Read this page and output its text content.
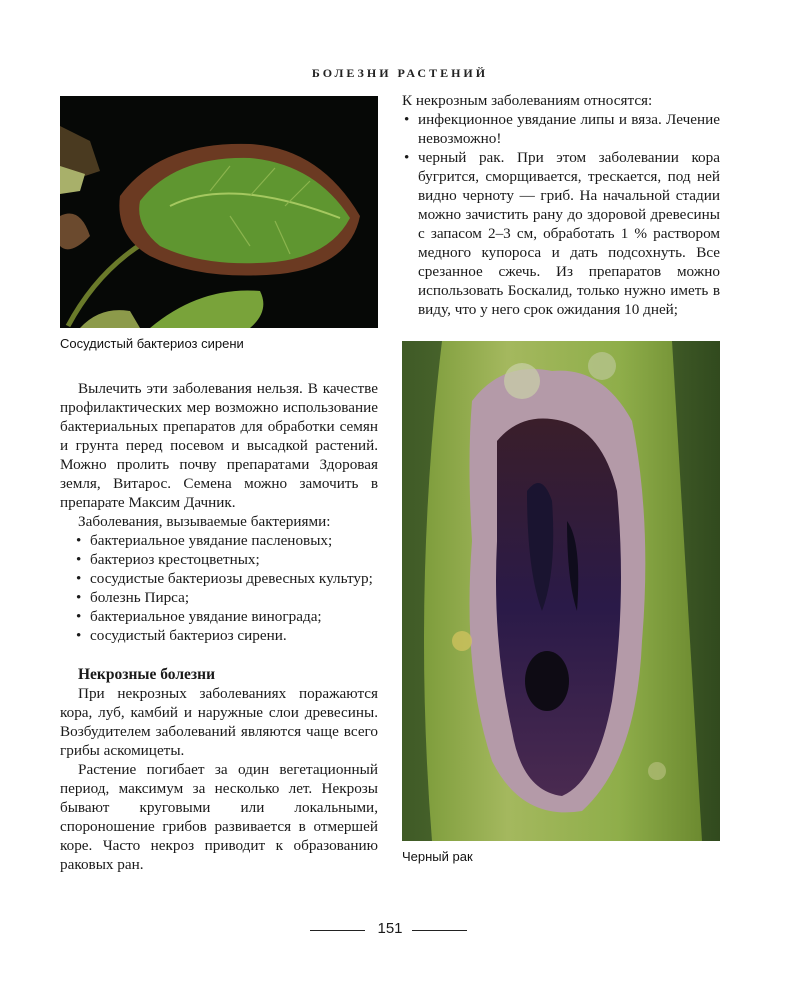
БОЛЕЗНИ РАСТЕНИЙ
Сосудистый бактериоз сирени

Вылечить эти заболевания нельзя. В качестве профилактических мер возможно использование бактериальных препаратов для обработки семян и грунта перед посевом и высадкой растений. Можно пролить почву препаратами Здоровая земля, Витарос. Семена можно замочить в препарате Максим Дачник.

Заболевания, вызываемые бактериями:

• бактериальное увядание пасленовых;
• бактериоз крестоцветных;
• сосудистые бактериозы древесных культур;
• болезнь Пирса;
• бактериальное увядание винограда;
• сосудистый бактериоз сирени.
Некрозные болезни

При некрозных заболеваниях поражаются кора, луб, камбий и наружные слои древесины. Возбудителем заболеваний являются чаще всего грибы аскомицеты.

Растение погибает за один вегетационный период, максимум за несколько лет. Некрозы бывают круговыми или локальными, спороношение грибов развивается в отмершей коре. Часто некроз приводит к образованию раковых ран.

К некрозным заболеваниям относятся:

• инфекционное увядание липы и вяза. Лечение невозможно!
• черный рак. При этом заболевании кора бугрится, сморщивается, трескается, под ней видно черноту — гриб. На начальной стадии можно зачистить рану до здоровой древесины с запасом 2–3 см, обработать 1 % раствором медного купороса и дать подсохнуть. Все срезанное сжечь. Из препаратов можно использовать Боскалид, только нужно иметь в виду, что у него срок ожидания 10 дней;
Черный рак
151
